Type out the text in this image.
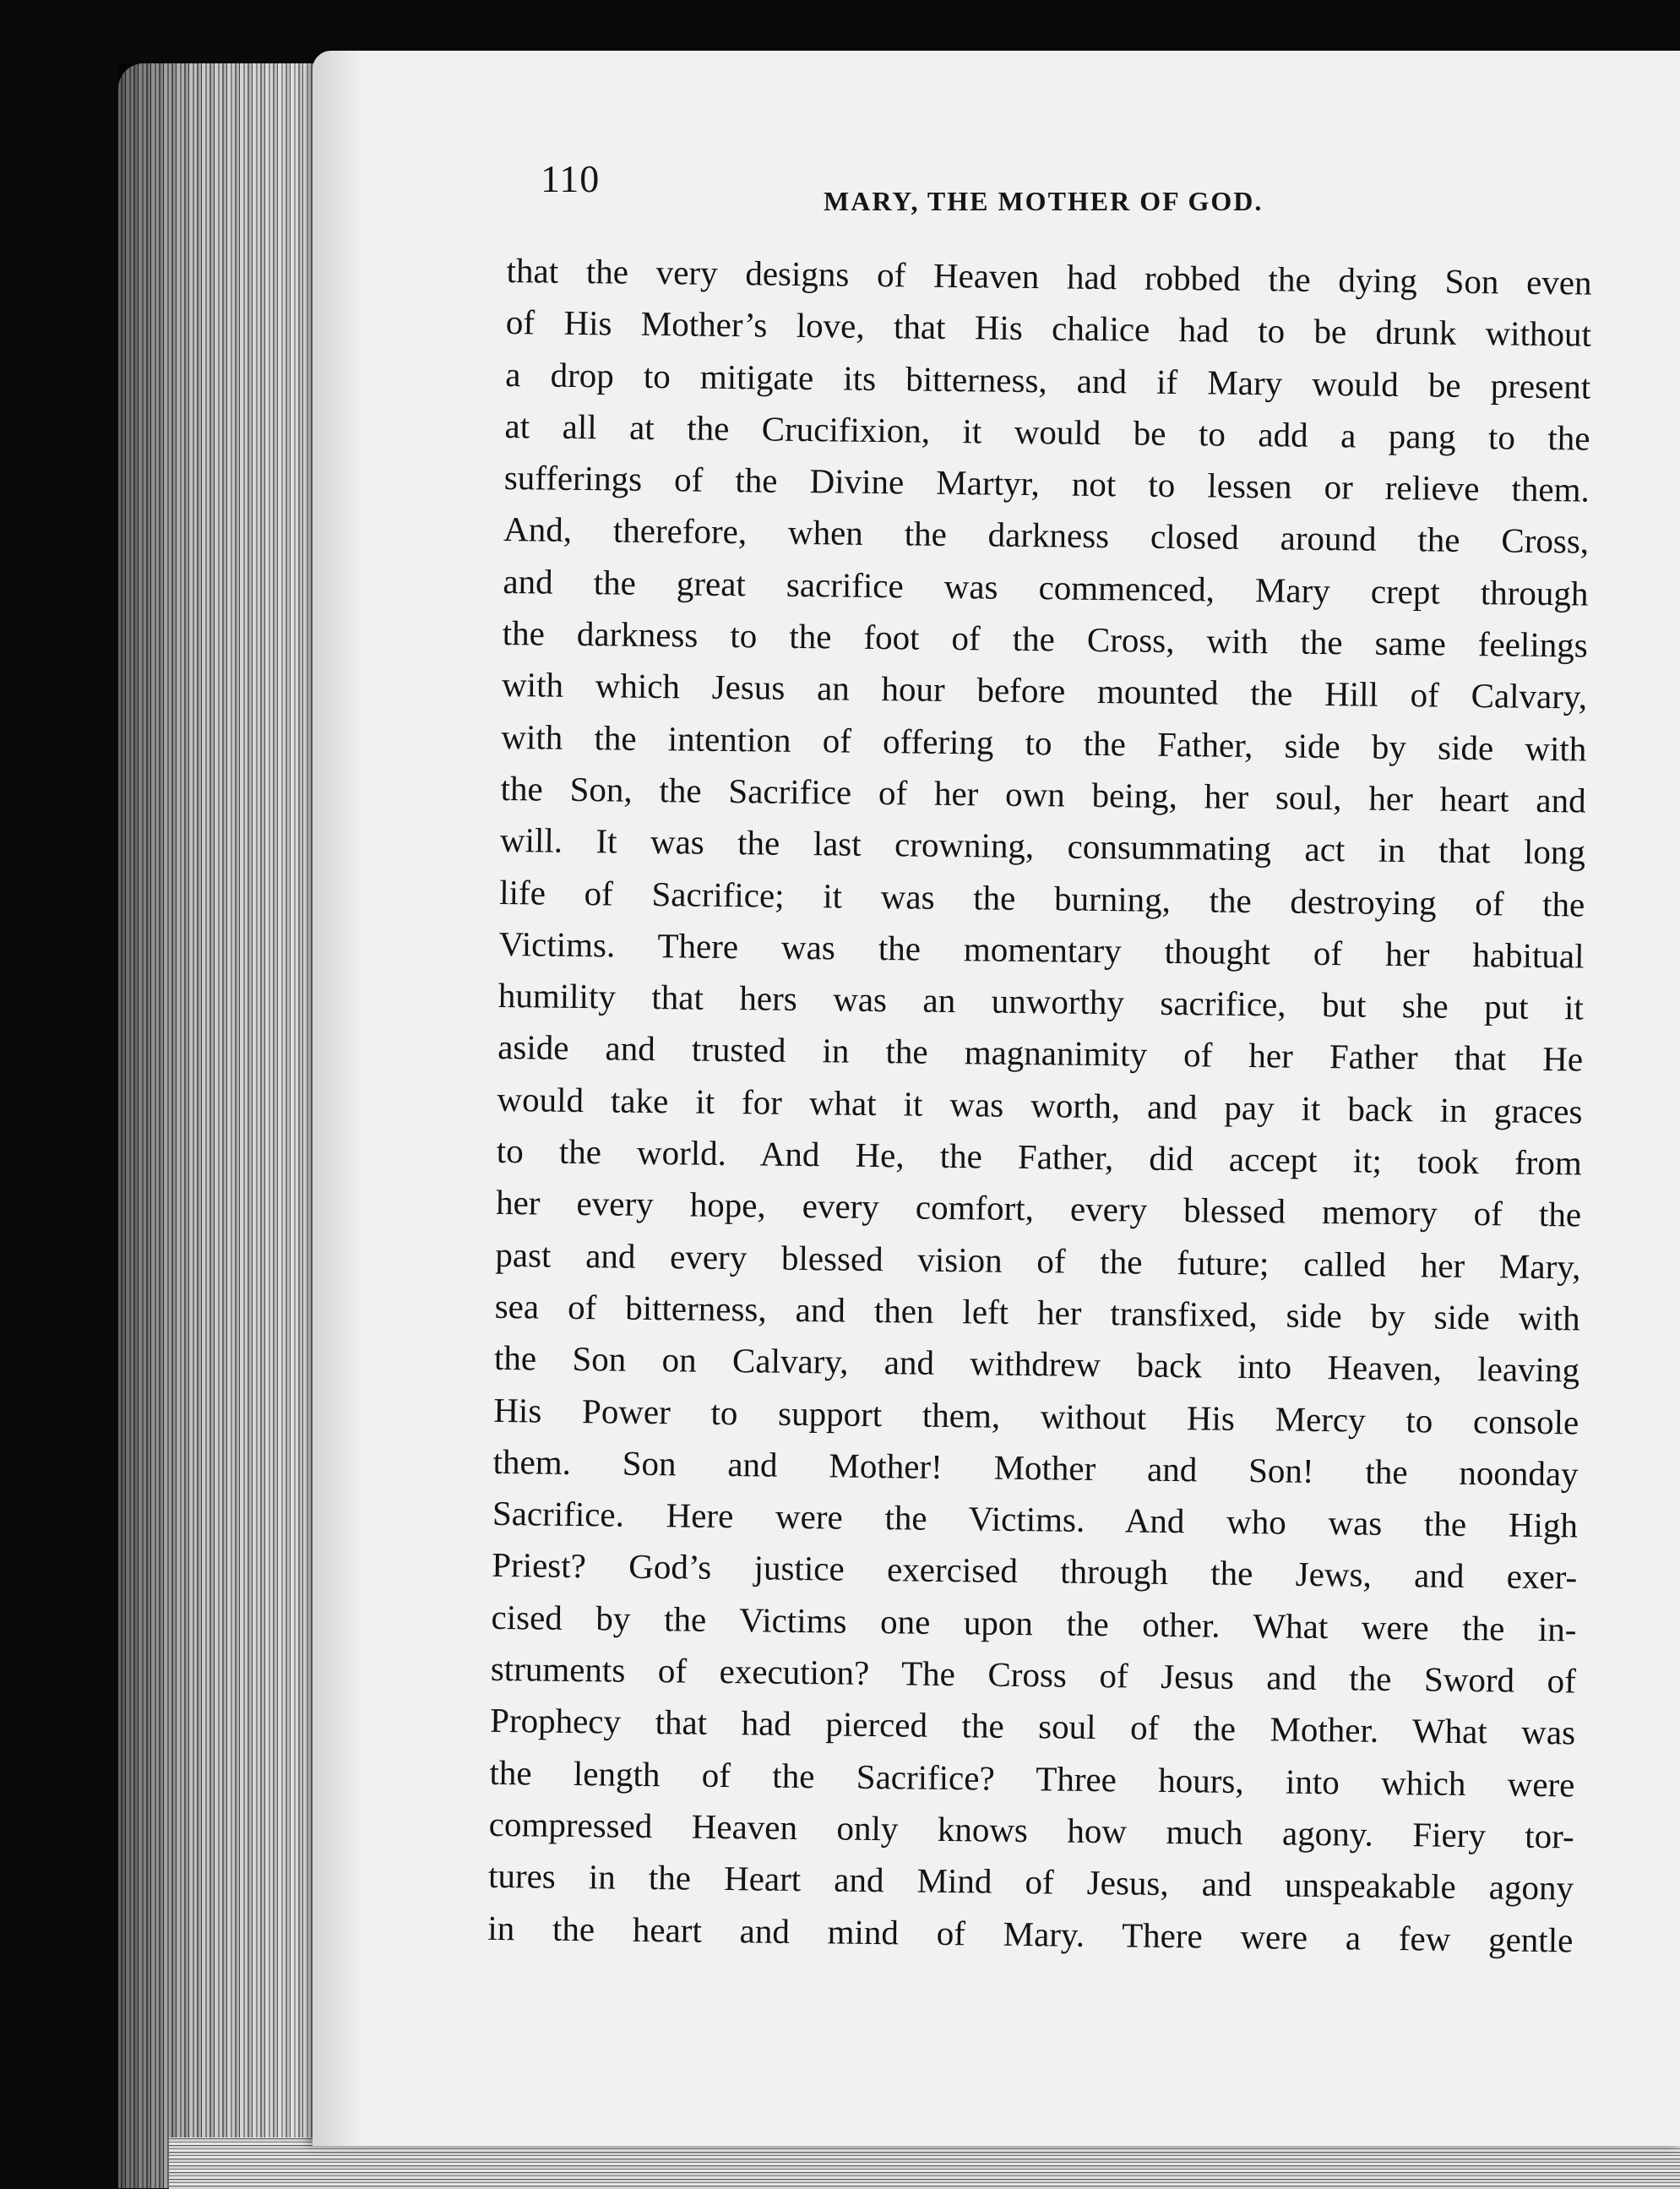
110
MARY, THE MOTHER OF GOD.
that the very designs of Heaven had robbed the dying Son even
of His Mother’s love, that His chalice had to be drunk without
a drop to mitigate its bitterness, and if Mary would be present
at all at the Crucifixion, it would be to add a pang to the
sufferings of the Divine Martyr, not to lessen or relieve them.
And, therefore, when the darkness closed around the Cross,
and the great sacrifice was commenced, Mary crept through
the darkness to the foot of the Cross, with the same feelings
with which Jesus an hour before mounted the Hill of Calvary,
with the intention of offering to the Father, side by side with
the Son, the Sacrifice of her own being, her soul, her heart and
will. It was the last crowning, consummating act in that long
life of Sacrifice; it was the burning, the destroying of the
Victims. There was the momentary thought of her habitual
humility that hers was an unworthy sacrifice, but she put it
aside and trusted in the magnanimity of her Father that He
would take it for what it was worth, and pay it back in graces
to the world. And He, the Father, did accept it; took from
her every hope, every comfort, every blessed memory of the
past and every blessed vision of the future; called her Mary,
sea of bitterness, and then left her transfixed, side by side with
the Son on Calvary, and withdrew back into Heaven, leaving
His Power to support them, without His Mercy to console
them. Son and Mother! Mother and Son! the noonday
Sacrifice. Here were the Victims. And who was the High
Priest? God’s justice exercised through the Jews, and exer-
cised by the Victims one upon the other. What were the in-
struments of execution? The Cross of Jesus and the Sword of
Prophecy that had pierced the soul of the Mother. What was
the length of the Sacrifice? Three hours, into which were
compressed Heaven only knows how much agony. Fiery tor-
tures in the Heart and Mind of Jesus, and unspeakable agony
in the heart and mind of Mary. There were a few gentle
